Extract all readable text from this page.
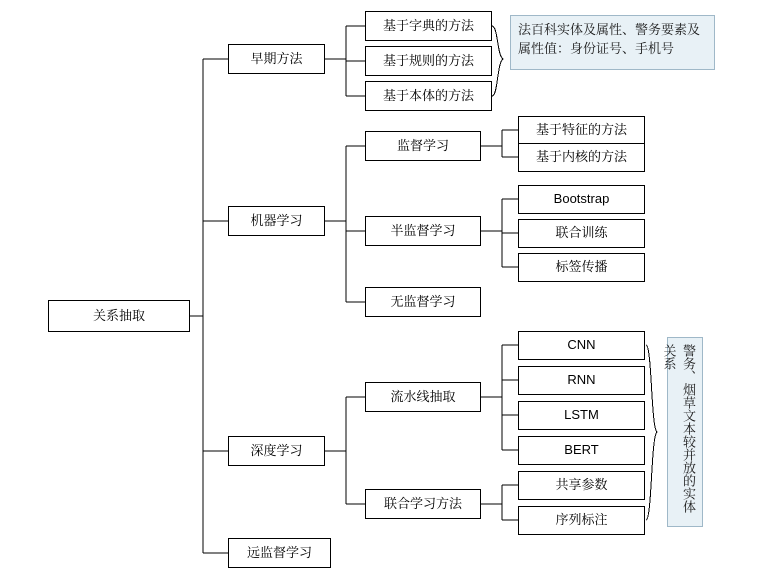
关系抽取
早期方法
机器学习
深度学习
远监督学习
基于字典的方法
基于规则的方法
基于本体的方法
监督学习
半监督学习
无监督学习
基于特征的方法
基于内核的方法
Bootstrap
联合训练
标签传播
流水线抽取
联合学习方法
CNN
RNN
LSTM
BERT
共享参数
序列标注
法百科实体及属性、警务要素及属性值：身份证号、手机号
警务、烟草文本较并放的实体关系
